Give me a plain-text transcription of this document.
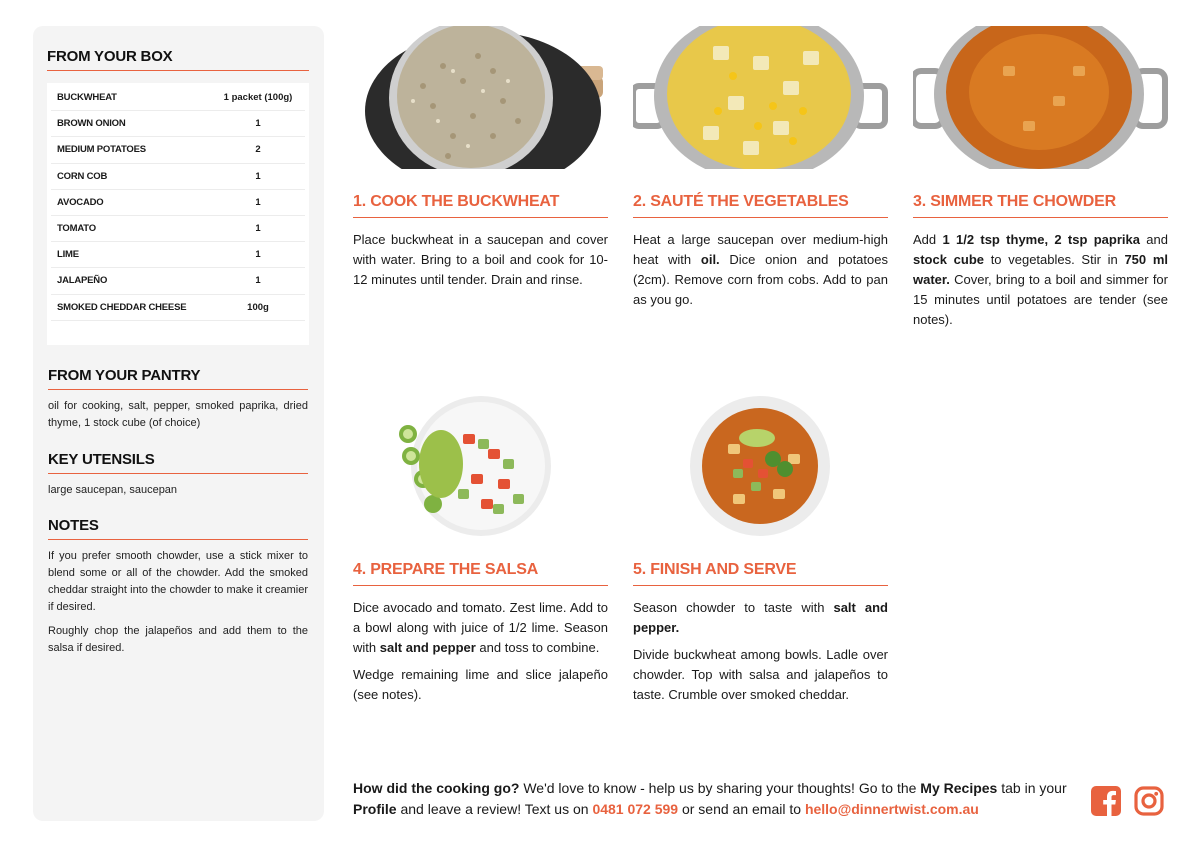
FROM YOUR BOX
BUCKWHEAT	1 packet (100g)
BROWN ONION	1
MEDIUM POTATOES	2
CORN COB	1
AVOCADO	1
TOMATO	1
LIME	1
JALAPEÑO	1
SMOKED CHEDDAR CHEESE	100g
FROM YOUR PANTRY
oil for cooking, salt, pepper, smoked paprika, dried thyme, 1 stock cube (of choice)
KEY UTENSILS
large saucepan, saucepan
NOTES
If you prefer smooth chowder, use a stick mixer to blend some or all of the chowder. Add the smoked cheddar straight into the chowder to make it creamier if desired.
Roughly chop the jalapeños and add them to the salsa if desired.
1. COOK THE BUCKWHEAT

Place buckwheat in a saucepan and cover with water. Bring to a boil and cook for 10-12 minutes until tender. Drain and rinse.

2. SAUTÉ THE VEGETABLES

Heat a large saucepan over medium-high heat with oil. Dice onion and potatoes (2cm). Remove corn from cobs. Add to pan as you go.

3. SIMMER THE CHOWDER

Add 1 1/2 tsp thyme, 2 tsp paprika and stock cube to vegetables. Stir in 750 ml water. Cover, bring to a boil and simmer for 15 minutes until potatoes are tender (see notes).

4. PREPARE THE SALSA

Dice avocado and tomato. Zest lime. Add to a bowl along with juice of 1/2 lime. Season with salt and pepper and toss to combine.

Wedge remaining lime and slice jalapeño (see notes).

5. FINISH AND SERVE

Season chowder to taste with salt and pepper.

Divide buckwheat among bowls. Ladle over chowder. Top with salsa and jalapeños to taste. Crumble over smoked cheddar.

How did the cooking go? We'd love to know - help us by sharing your thoughts! Go to the My Recipes tab in your Profile and leave a review! Text us on 0481 072 599 or send an email to hello@dinnertwist.com.au
